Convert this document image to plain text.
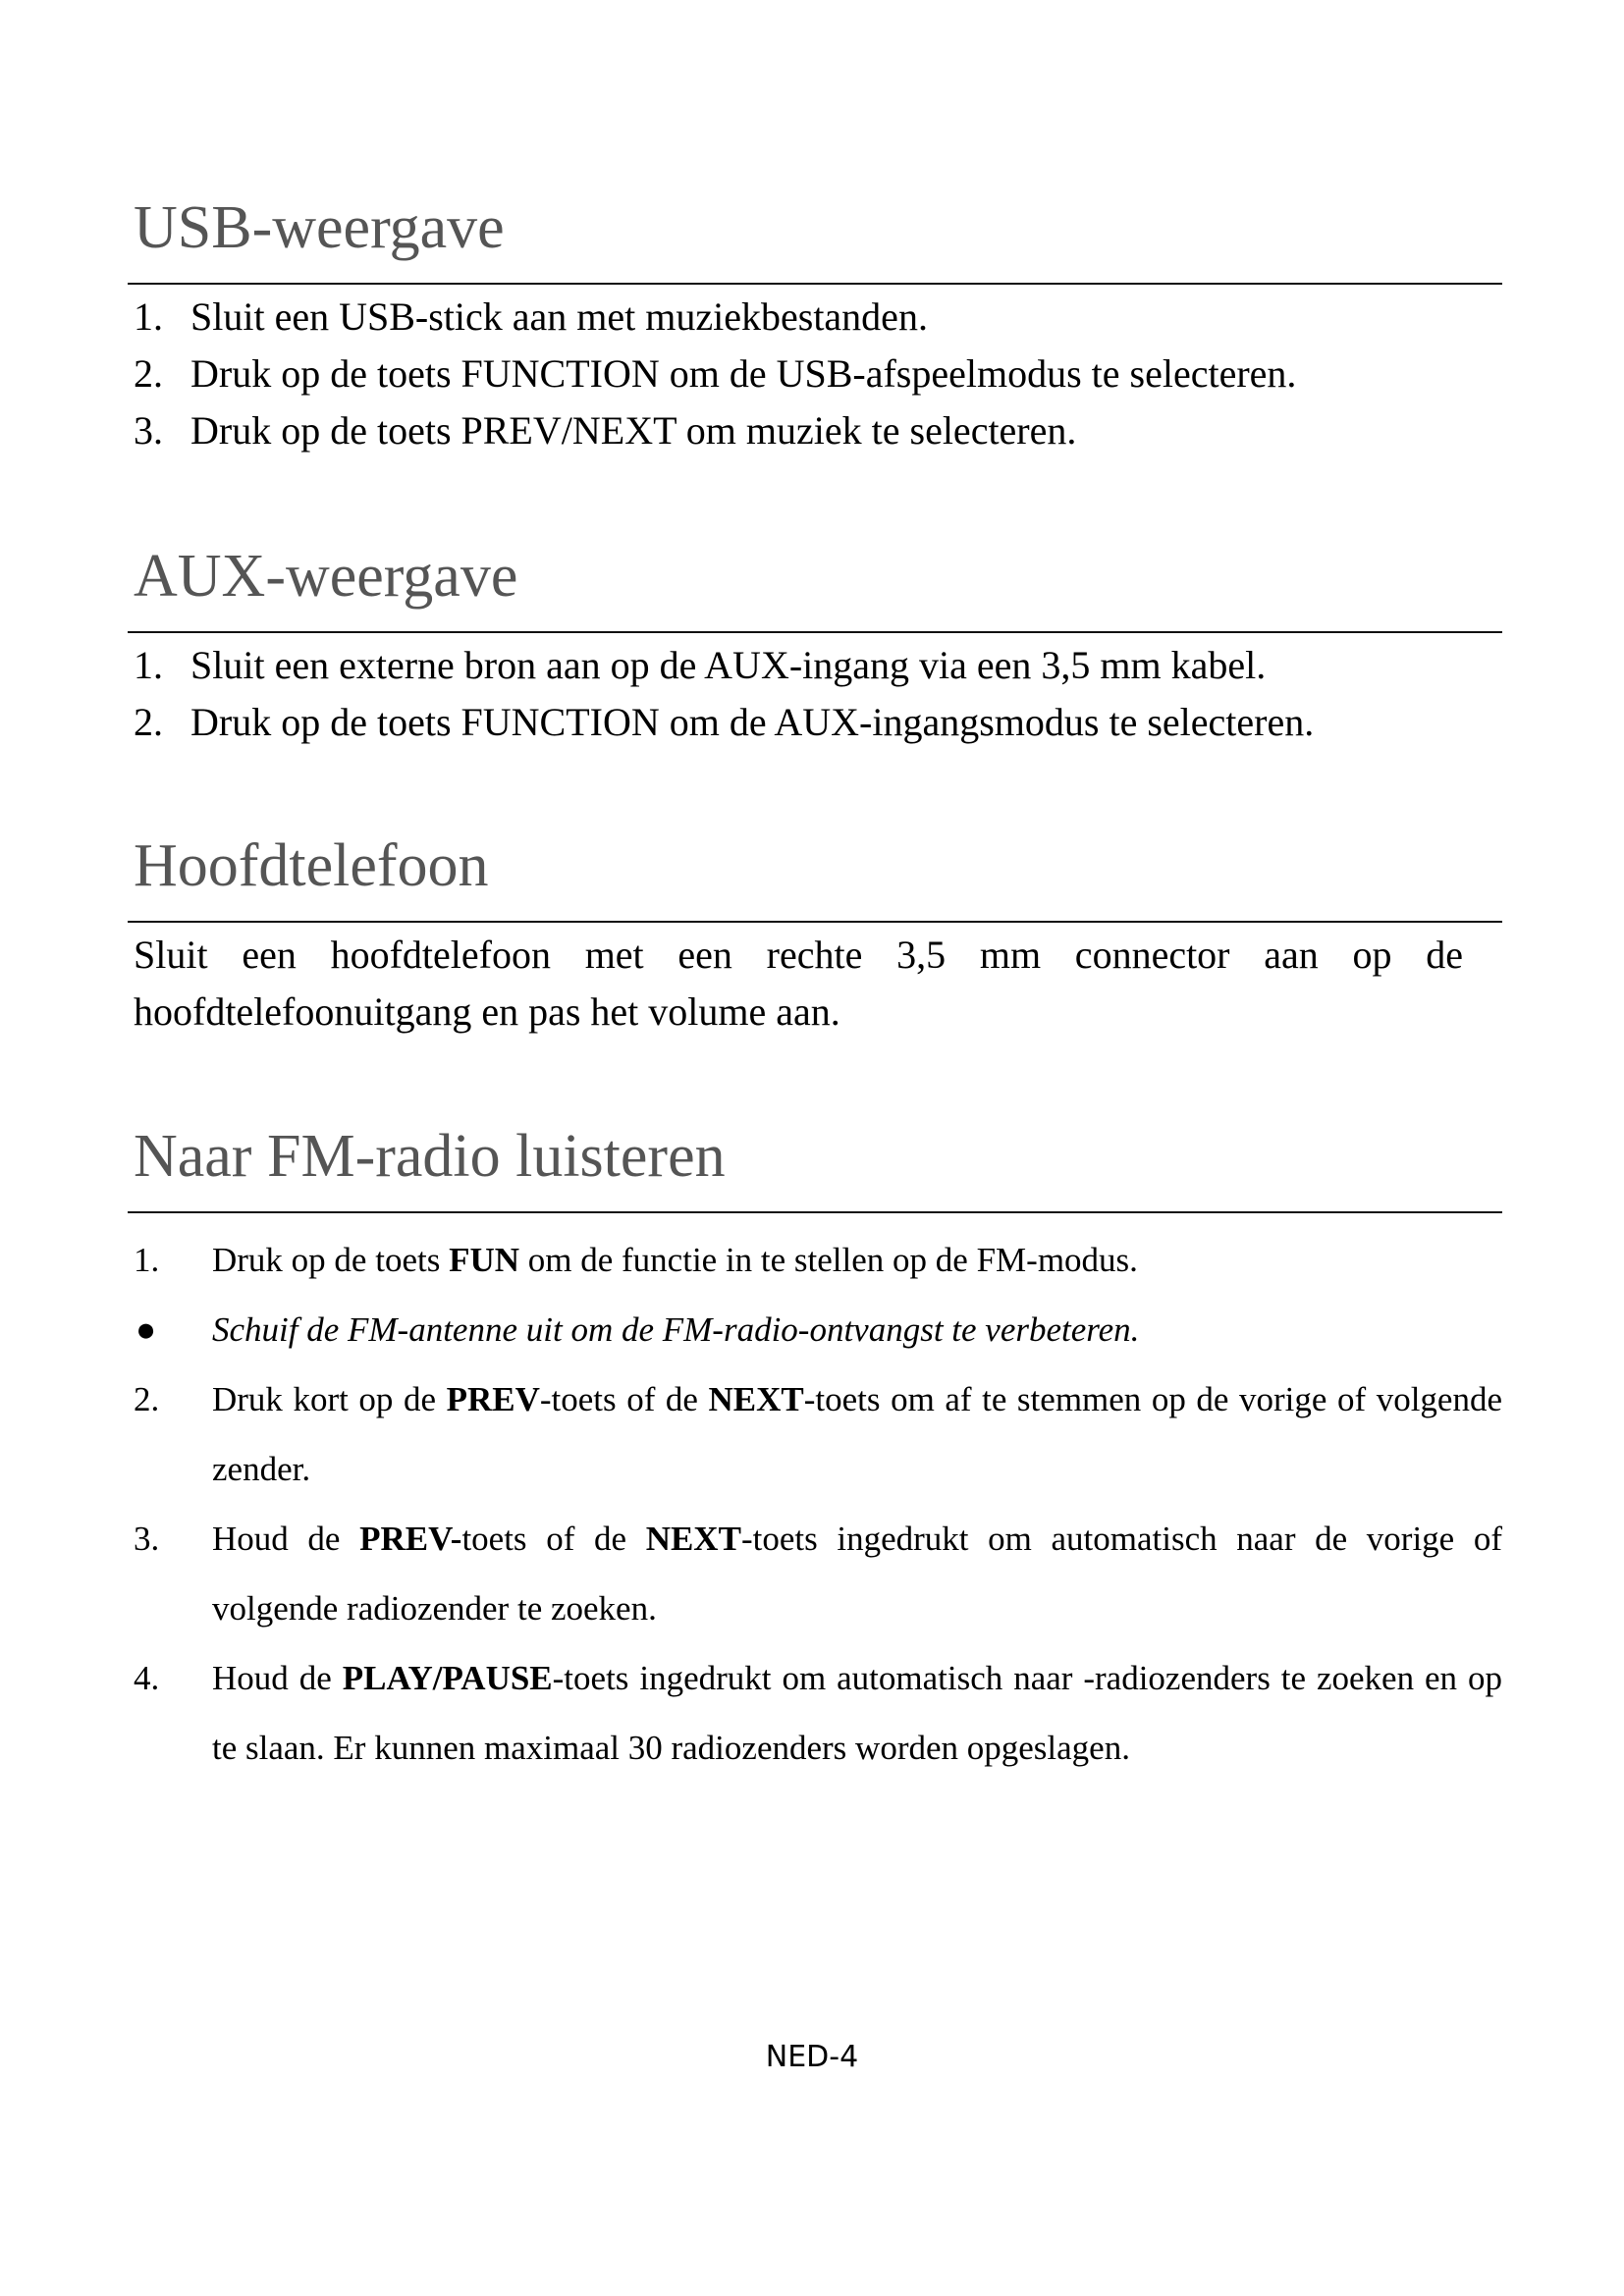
USB-weergave
1. Sluit een USB-stick aan met muziekbestanden.
2. Druk op de toets FUNCTION om de USB-afspeelmodus te selecteren.
3. Druk op de toets PREV/NEXT om muziek te selecteren.
AUX-weergave
1. Sluit een externe bron aan op de AUX-ingang via een 3,5 mm kabel.
2. Druk op de toets FUNCTION om de AUX-ingangsmodus te selecteren.
Hoofdtelefoon

Sluit een hoofdtelefoon met een rechte 3,5 mm connector aan op de hoofdtelefoonuitgang en pas het volume aan.

Naar FM-radio luisteren
1. Druk op de toets FUN om de functie in te stellen op de FM-modus.
● Schuif de FM-antenne uit om de FM-radio-ontvangst te verbeteren.
2. Druk kort op de PREV-toets of de NEXT-toets om af te stemmen op de vorige of volgende zender.
3. Houd de PREV-toets of de NEXT-toets ingedrukt om automatisch naar de vorige of volgende radiozender te zoeken.
4. Houd de PLAY/PAUSE-toets ingedrukt om automatisch naar -radiozenders te zoeken en op te slaan. Er kunnen maximaal 30 radiozenders worden opgeslagen.
NED-4
